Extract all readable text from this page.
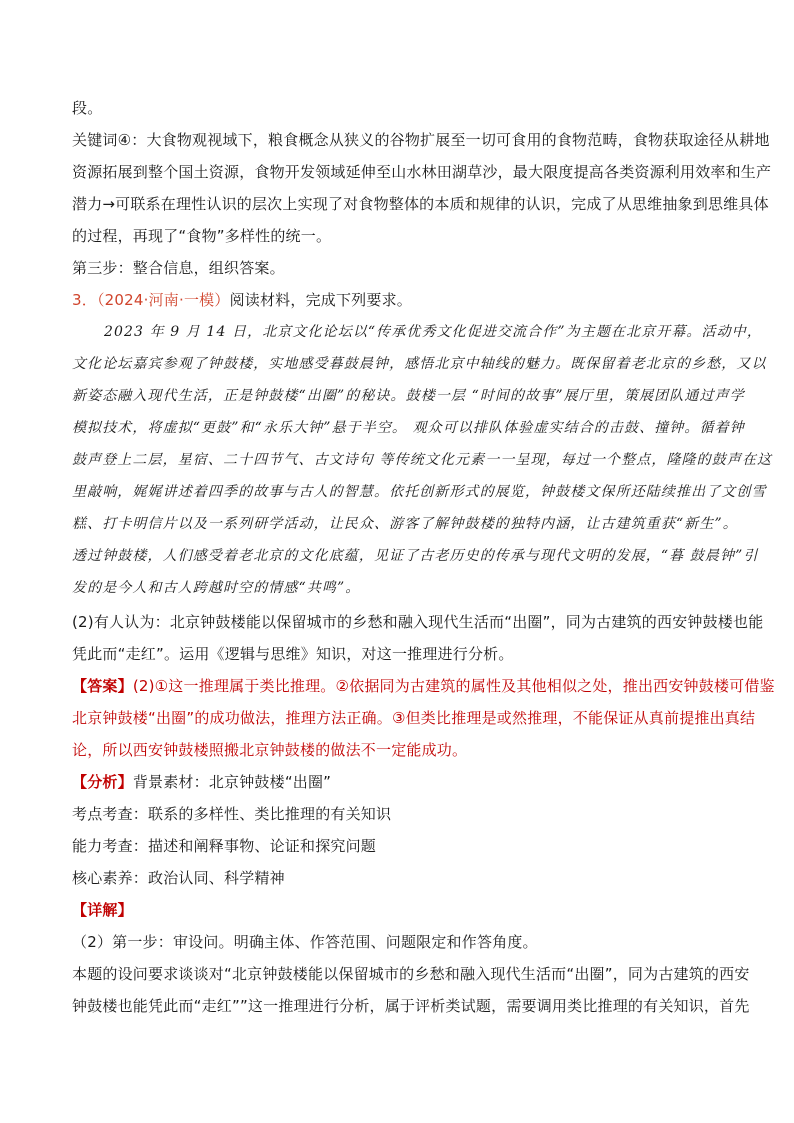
段。
关键词④：大食物观视域下，粮食概念从狭义的谷物扩展至一切可食用的食物范畴，食物获取途径从耕地
资源拓展到整个国土资源，食物开发领域延伸至山水林田湖草沙，最大限度提高各类资源利用效率和生产
潜力→可联系在理性认识的层次上实现了对食物整体的本质和规律的认识，完成了从思维抽象到思维具体
的过程，再现了“食物”多样性的统一。
第三步：整合信息，组织答案。
3．（2024·河南·一模）阅读材料，完成下列要求。
2023 年 9 月 14 日，北京文化论坛以“传承优秀文化促进交流合作”为主题在北京开幕。活动中，
文化论坛嘉宾参观了钟鼓楼，实地感受暮鼓晨钟，感悟北京中轴线的魅力。既保留着老北京的乡愁，又以
新姿态融入现代生活，正是钟鼓楼“出圈”的秘诀。鼓楼一层 “时间的故事”展厅里，策展团队通过声学
模拟技术，将虚拟“更鼓”和“永乐大钟”悬于半空。 观众可以排队体验虚实结合的击鼓、撞钟。循着钟
鼓声登上二层，星宿、二十四节气、古文诗句 等传统文化元素一一呈现，每过一个整点，隆隆的鼓声在这
里敲响，娓娓讲述着四季的故事与古人的智慧。依托创新形式的展览，钟鼓楼文保所还陆续推出了文创雪
糕、打卡明信片以及一系列研学活动，让民众、游客了解钟鼓楼的独特内涵，让古建筑重获“新生”。
透过钟鼓楼，人们感受着老北京的文化底蕴，见证了古老历史的传承与现代文明的发展，“暮 鼓晨钟”引
发的是今人和古人跨越时空的情感“共鸣”。
(2)有人认为：北京钟鼓楼能以保留城市的乡愁和融入现代生活而“出圈”，同为古建筑的西安钟鼓楼也能
凭此而“走红”。运用《逻辑与思维》知识，对这一推理进行分析。
【答案】(2)①这一推理属于类比推理。②依据同为古建筑的属性及其他相似之处，推出西安钟鼓楼可借鉴
北京钟鼓楼“出圈”的成功做法，推理方法正确。③但类比推理是或然推理，不能保证从真前提推出真结
论，所以西安钟鼓楼照搬北京钟鼓楼的做法不一定能成功。
【分析】背景素材：北京钟鼓楼“出圈”
考点考查：联系的多样性、类比推理的有关知识
能力考查：描述和阐释事物、论证和探究问题
核心素养：政治认同、科学精神
【详解】
（2）第一步：审设问。明确主体、作答范围、问题限定和作答角度。
本题的设问要求谈谈对“北京钟鼓楼能以保留城市的乡愁和融入现代生活而“出圈”，同为古建筑的西安
钟鼓楼也能凭此而“走红””这一推理进行分析，属于评析类试题，需要调用类比推理的有关知识，首先
